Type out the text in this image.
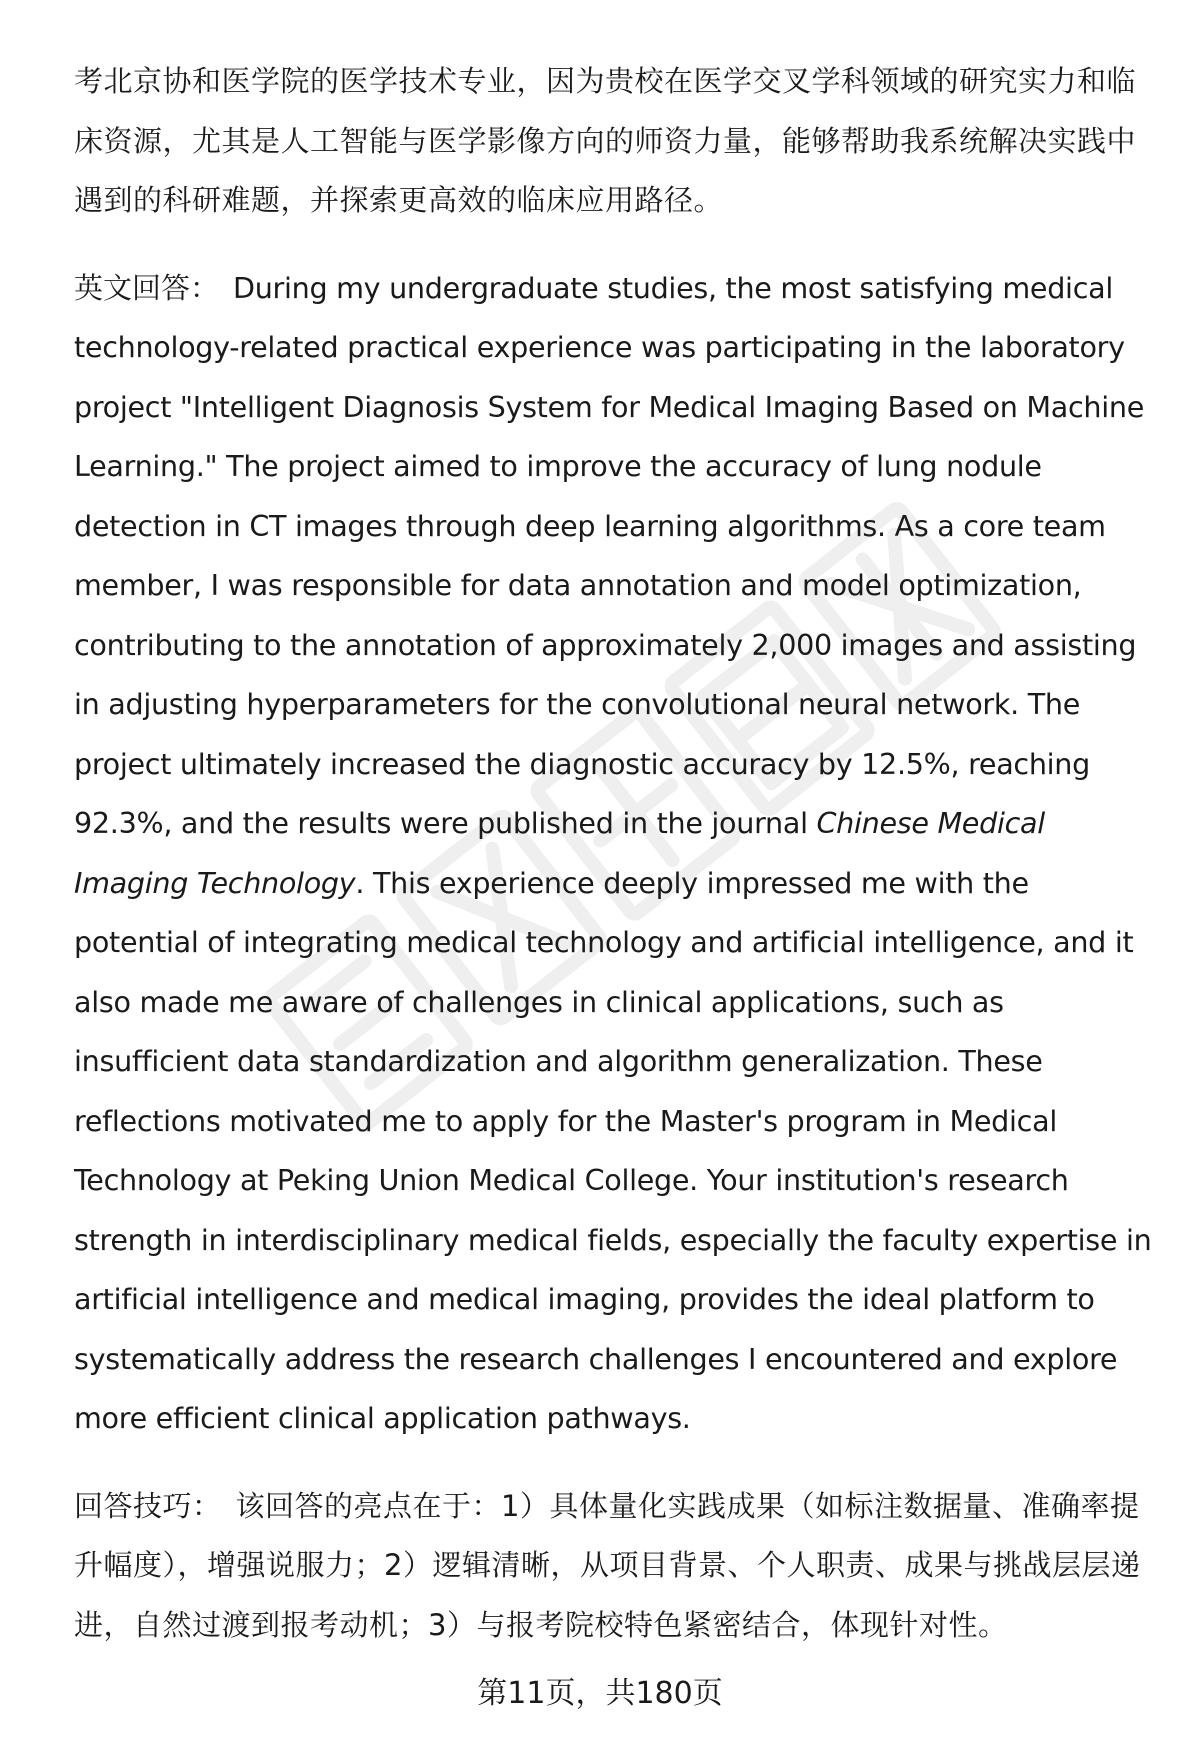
考北京协和医学院的医学技术专业，因为贵校在医学交叉学科领域的研究实力和临床资源，尤其是人工智能与医学影像方向的师资力量，能够帮助我系统解决实践中遇到的科研难题，并探索更高效的临床应用路径。

英文回答： During my undergraduate studies, the most satisfying medical technology-related practical experience was participating in the laboratory project "Intelligent Diagnosis System for Medical Imaging Based on Machine Learning." The project aimed to improve the accuracy of lung nodule detection in CT images through deep learning algorithms. As a core team member, I was responsible for data annotation and model optimization, contributing to the annotation of approximately 2,000 images and assisting in adjusting hyperparameters for the convolutional neural network. The project ultimately increased the diagnostic accuracy by 12.5%, reaching 92.3%, and the results were published in the journal Chinese Medical Imaging Technology. This experience deeply impressed me with the potential of integrating medical technology and artificial intelligence, and it also made me aware of challenges in clinical applications, such as insufficient data standardization and algorithm generalization. These reflections motivated me to apply for the Master's program in Medical Technology at Peking Union Medical College. Your institution's research strength in interdisciplinary medical fields, especially the faculty expertise in artificial intelligence and medical imaging, provides the ideal platform to systematically address the research challenges I encountered and explore more efficient clinical application pathways.

回答技巧： 该回答的亮点在于：1）具体量化实践成果（如标注数据量、准确率提升幅度），增强说服力；2）逻辑清晰，从项目背景、个人职责、成果与挑战层层递进，自然过渡到报考动机；3）与报考院校特色紧密结合，体现针对性。

第11页，共180页
